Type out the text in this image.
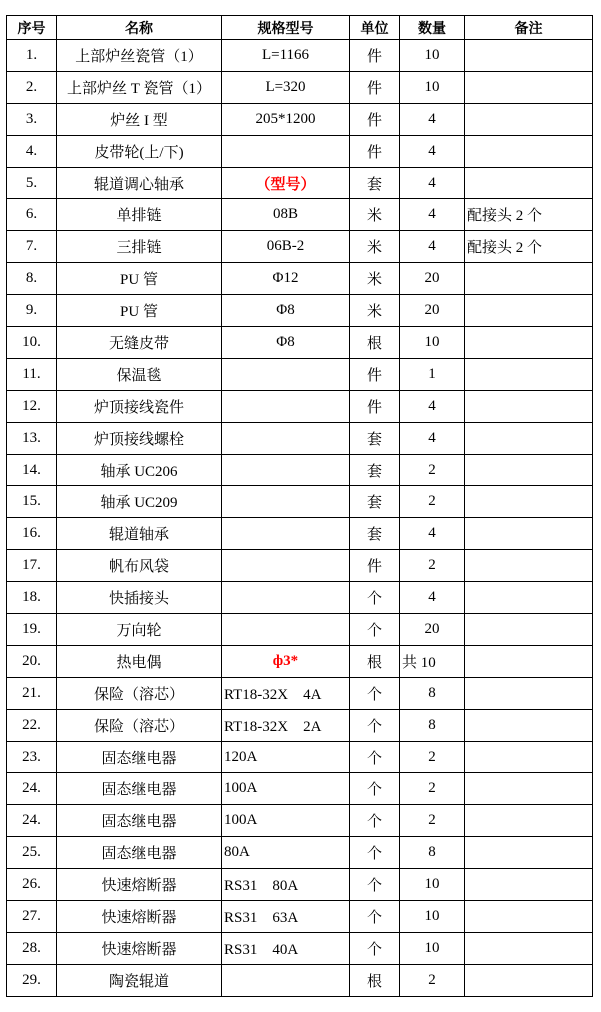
序号	名称	规格型号	单位	数量	备注
1.	上部炉丝瓷管（1）	L=1166	件	10	
2.	上部炉丝 T 瓷管（1）	L=320	件	10	
3.	炉丝 I 型	205*1200	件	4	
4.	皮带轮(上/下)		件	4	
5.	辊道调心轴承	（型号）	套	4	
6.	单排链	08B	米	4	配接头 2 个
7.	三排链	06B-2	米	4	配接头 2 个
8.	PU 管	Φ12	米	20	
9.	PU 管	Φ8	米	20	
10.	无缝皮带	Φ8	根	10	
11.	保温毯		件	1	
12.	炉顶接线瓷件		件	4	
13.	炉顶接线螺栓		套	4	
14.	轴承 UC206		套	2	
15.	轴承 UC209		套	2	
16.	辊道轴承		套	4	
17.	帆布风袋		件	2	
18.	快插接头		个	4	
19.	万向轮		个	20	
20.	热电偶	ф3*	根	共 10	
21.	保险（溶芯）	RT18-32X　4A	个	8	
22.	保险（溶芯）	RT18-32X　2A	个	8	
23.	固态继电器	120A	个	2	
24.	固态继电器	100A	个	2	
24.	固态继电器	100A	个	2	
25.	固态继电器	80A	个	8	
26.	快速熔断器	RS31　80A	个	10	
27.	快速熔断器	RS31　63A	个	10	
28.	快速熔断器	RS31　40A	个	10	
29.	陶瓷辊道		根	2	
